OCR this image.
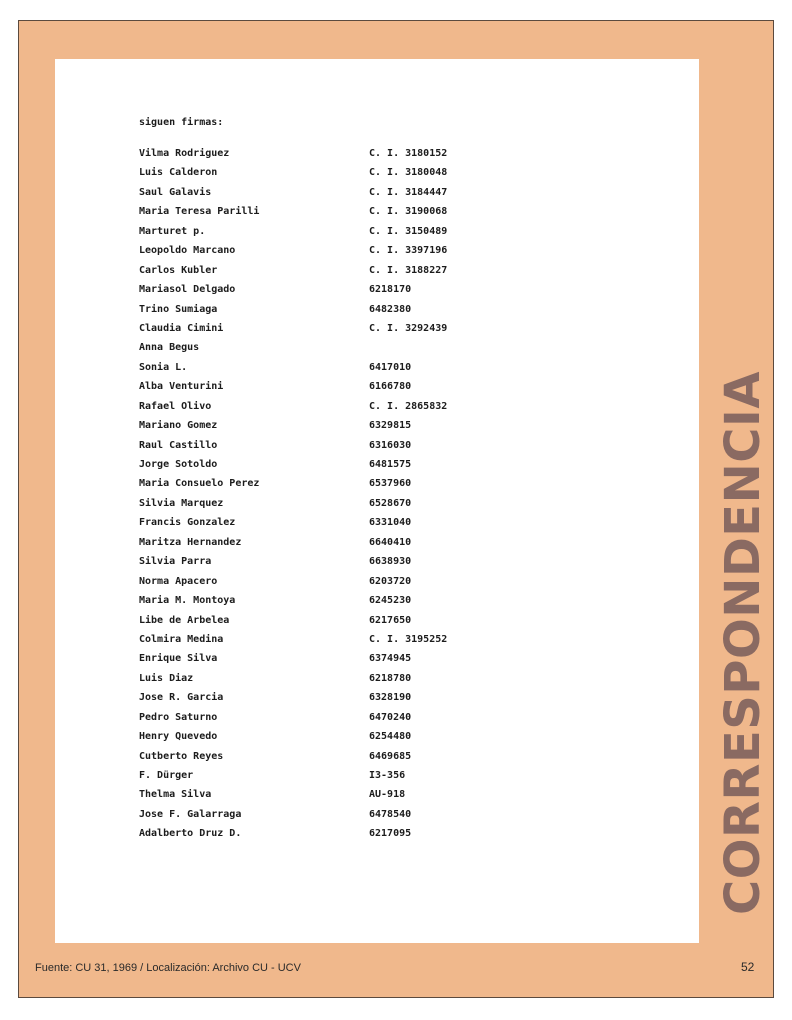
siguen firmas:
Vilma Rodriguez	C. I. 3180152
Luis Calderon	C. I. 3180048
Saul Galavis	C. I. 3184447
Maria Teresa Parilli	C. I. 3190068
Marturet p.	C. I. 3150489
Leopoldo Marcano	C. I. 3397196
Carlos Kubler	C. I. 3188227
Mariasol Delgado	6218170
Trino Sumiaga	6482380
Claudia Cimini	C. I. 3292439
Anna Begus
Sonia L.	6417010
Alba Venturini	6166780
Rafael Olivo	C. I. 2865832
Mariano Gomez	6329815
Raul Castillo	6316030
Jorge Sotoldo	6481575
Maria Consuelo Perez	6537960
Silvia Marquez	6528670
Francis Gonzalez	6331040
Maritza Hernandez	6640410
Silvia Parra	6638930
Norma Apacero	6203720
Maria M. Montoya	6245230
Libe de Arbelea	6217650
Colmira Medina	C. I. 3195252
Enrique Silva	6374945
Luis Diaz	6218780
Jose R. Garcia	6328190
Pedro Saturno	6470240
Henry Quevedo	6254480
Cutberto Reyes	6469685
F. Dürger	I3-356
Thelma Silva	AU-918
Jose F. Galarraga	6478540
Adalberto Druz D.	6217095	CORRESPONDENCIA
Fuente: CU 31, 1969 / Localización: Archivo CU - UCV	52
